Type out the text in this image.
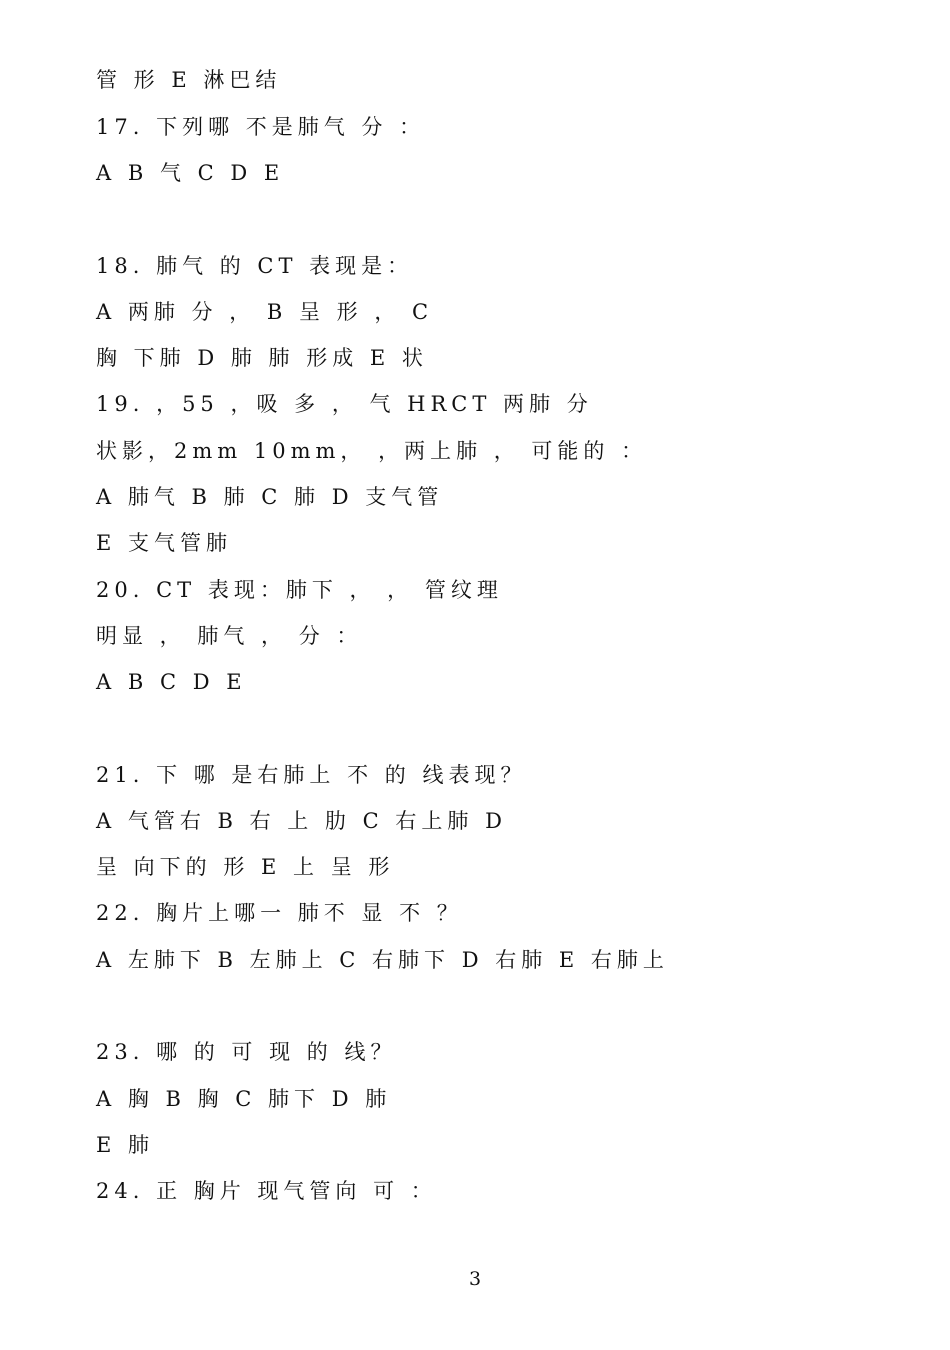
管 形 E 淋巴结
17. 下列哪 不是肺气 分 ：
A B 气 C D E
18. 肺气 的 CT 表现是：
A 两肺 分 ， B 呈 形 ， C
胸 下肺 D 肺 肺 形成 E 状
19. ，55 ，吸 多 ， 气 HRCT 两肺 分
状影，2mm 10mm， ，两上肺 ， 可能的 ：
A 肺气 B 肺 C 肺 D 支气管
E 支气管肺
20. CT 表现：肺下 ， ， 管纹理
明显 ， 肺气 ， 分 ：
A B C D E
21. 下 哪 是右肺上 不 的 线表现？
A 气管右 B 右 上 肋 C 右上肺 D
呈 向下的 形 E 上 呈 形
22. 胸片上哪一 肺不 显 不 ？
A 左肺下 B 左肺上 C 右肺下 D 右肺 E 右肺上
23. 哪 的 可 现 的 线？
A 胸 B 胸 C 肺下 D 肺
E 肺
24. 正 胸片 现气管向 可 ：
3
